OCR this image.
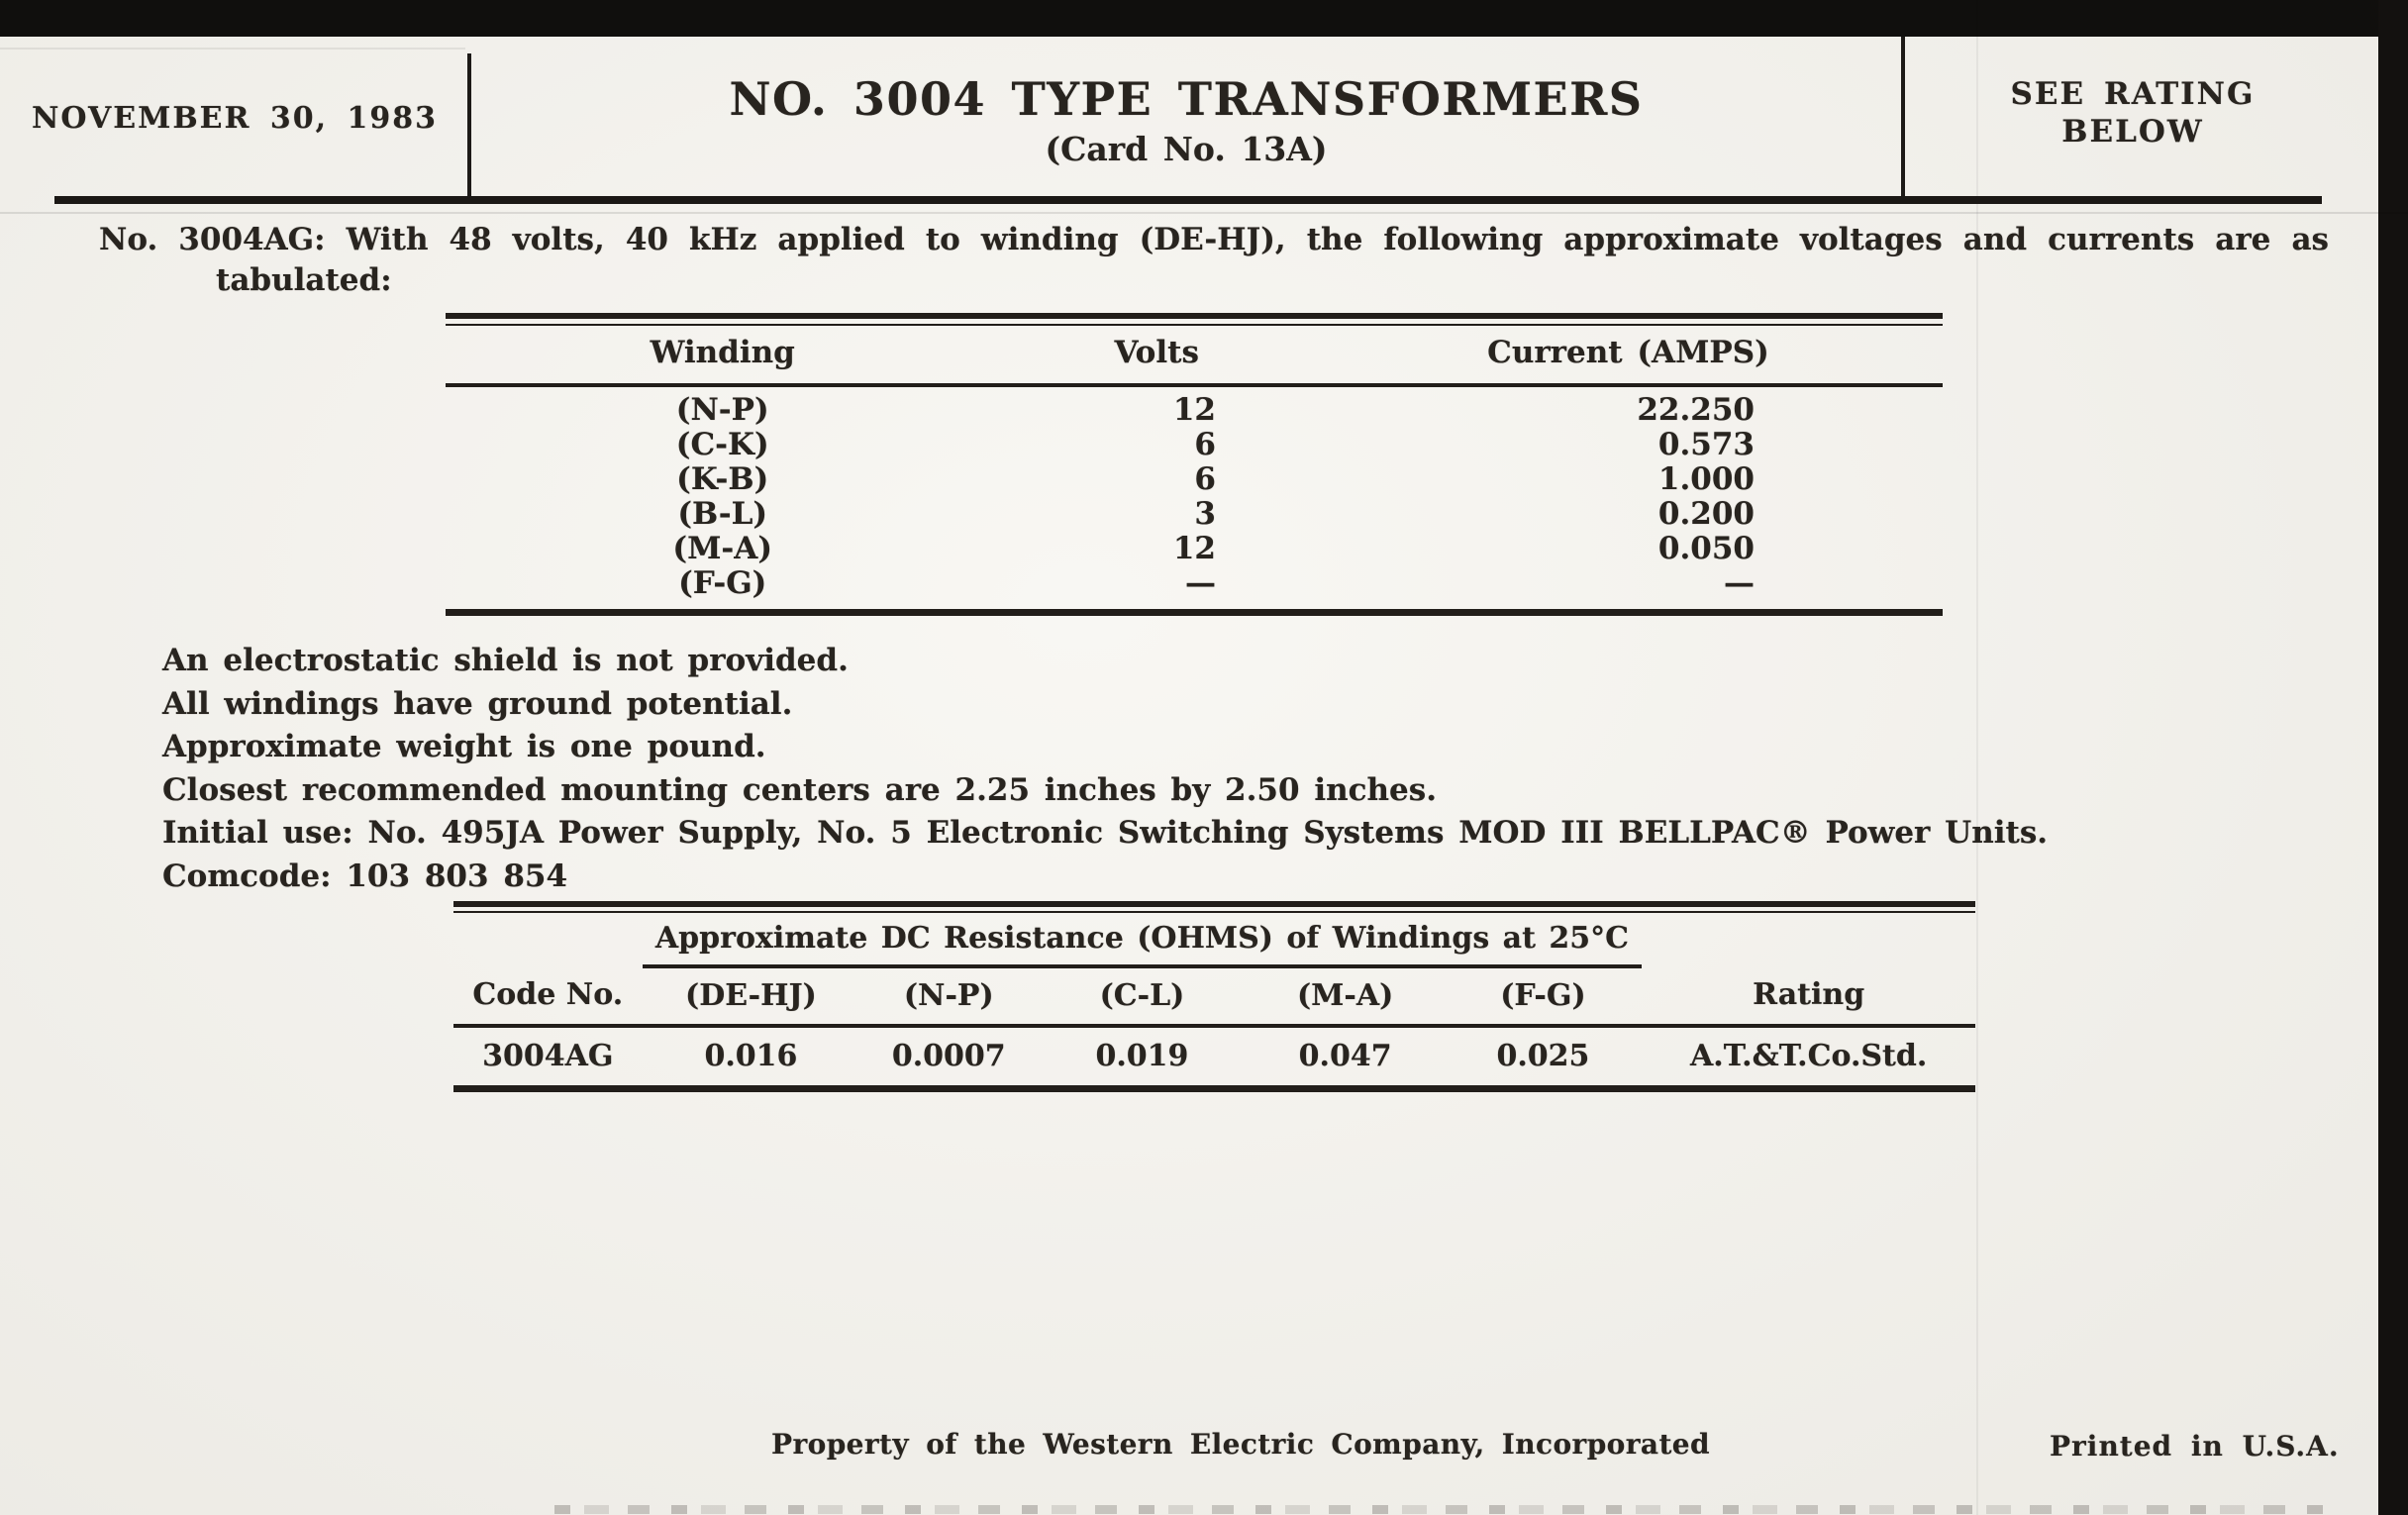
NOVEMBER 30, 1983	NO. 3004 TYPE TRANSFORMERS
(Card No. 13A)
SEE RATING
BELOW
No. 3004AG: With 48 volts, 40 kHz applied to winding (DE-HJ), the following approximate voltages and currents are as
tabulated:
Winding	Volts	Current (AMPS)
(N-P)	12	22.250
(C-K)	6	0.573
(K-B)	6	1.000
(B-L)	3	0.200
(M-A)	12	0.050
(F-G)	—	—
An electrostatic shield is not provided.
All windings have ground potential.
Approximate weight is one pound.
Closest recommended mounting centers are 2.25 inches by 2.50 inches.
Initial use: No. 495JA Power Supply, No. 5 Electronic Switching Systems MOD III BELLPAC® Power Units.
Comcode: 103 803 854
	Approximate DC Resistance (OHMS) of Windings at 25°C					
Code No.	(DE-HJ)	(N-P)	(C-L)	(M-A)	(F-G)	Rating
3004AG	0.016	0.0007	0.019	0.047	0.025	A.T.&T.Co.Std.
Property of the Western Electric Company, Incorporated	Printed in U.S.A.
